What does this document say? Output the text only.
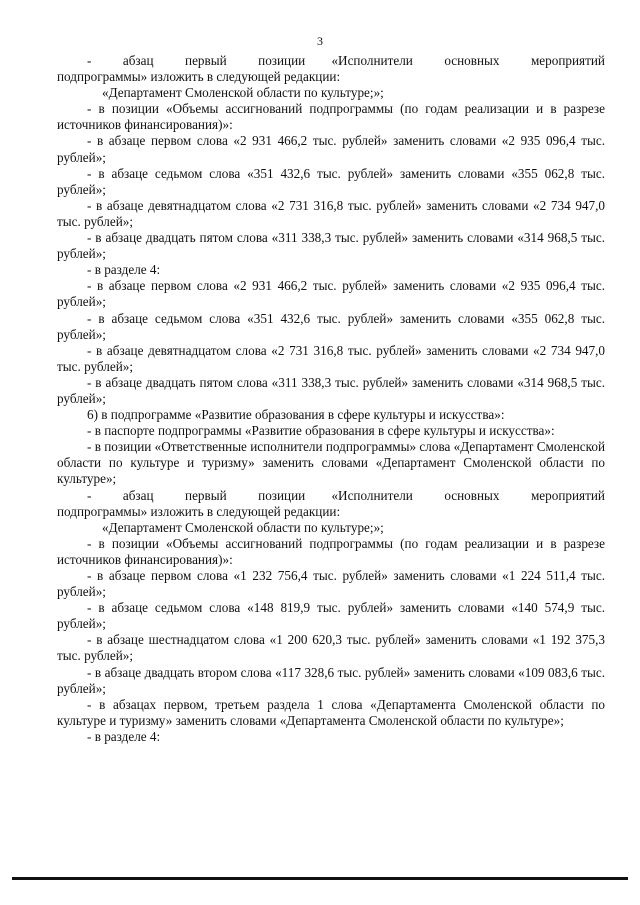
3

-      абзац      первый      позиции     «Исполнители      основных      мероприятий подпрограммы» изложить в следующей редакции:

«Департамент Смоленской области по культуре;»;

- в позиции «Объемы ассигнований подпрограммы (по годам реализации и в разрезе источников финансирования)»:

- в абзаце первом слова «2 931 466,2 тыс. рублей» заменить словами «2 935 096,4 тыс. рублей»;

- в абзаце седьмом слова «351 432,6 тыс. рублей» заменить словами «355 062,8 тыс. рублей»;

- в абзаце девятнадцатом слова «2 731 316,8 тыс. рублей» заменить словами «2 734 947,0 тыс. рублей»;

- в абзаце двадцать пятом слова «311 338,3 тыс. рублей» заменить словами «314 968,5 тыс. рублей»;

- в разделе 4:

- в абзаце первом слова «2 931 466,2 тыс. рублей» заменить словами «2 935 096,4 тыс. рублей»;

- в абзаце седьмом слова «351 432,6 тыс. рублей» заменить словами «355 062,8 тыс. рублей»;

- в абзаце девятнадцатом слова «2 731 316,8 тыс. рублей» заменить словами «2 734 947,0 тыс. рублей»;

- в абзаце двадцать пятом слова «311 338,3 тыс. рублей» заменить словами «314 968,5 тыс. рублей»;

6) в подпрограмме «Развитие образования в сфере культуры и искусства»:

- в паспорте подпрограммы «Развитие образования в сфере культуры и искусства»:

- в позиции «Ответственные исполнители подпрограммы» слова «Департамент Смоленской области по культуре и туризму» заменить словами «Департамент Смоленской области по культуре»;

-      абзац      первый      позиции     «Исполнители      основных      мероприятий подпрограммы» изложить в следующей редакции:

«Департамент Смоленской области по культуре;»;

- в позиции «Объемы ассигнований подпрограммы (по годам реализации и в разрезе источников финансирования)»:

- в абзаце первом слова «1 232 756,4 тыс. рублей» заменить словами «1 224 511,4 тыс. рублей»;

- в абзаце седьмом слова «148 819,9 тыс. рублей» заменить словами «140 574,9 тыс. рублей»;

- в абзаце шестнадцатом слова «1 200 620,3 тыс. рублей» заменить словами «1 192 375,3 тыс. рублей»;

- в абзаце двадцать втором слова «117 328,6 тыс. рублей» заменить словами «109 083,6 тыс. рублей»;

- в абзацах первом, третьем раздела 1 слова «Департамента Смоленской области по культуре и туризму» заменить словами «Департамента Смоленской области по культуре»;

- в разделе 4:
